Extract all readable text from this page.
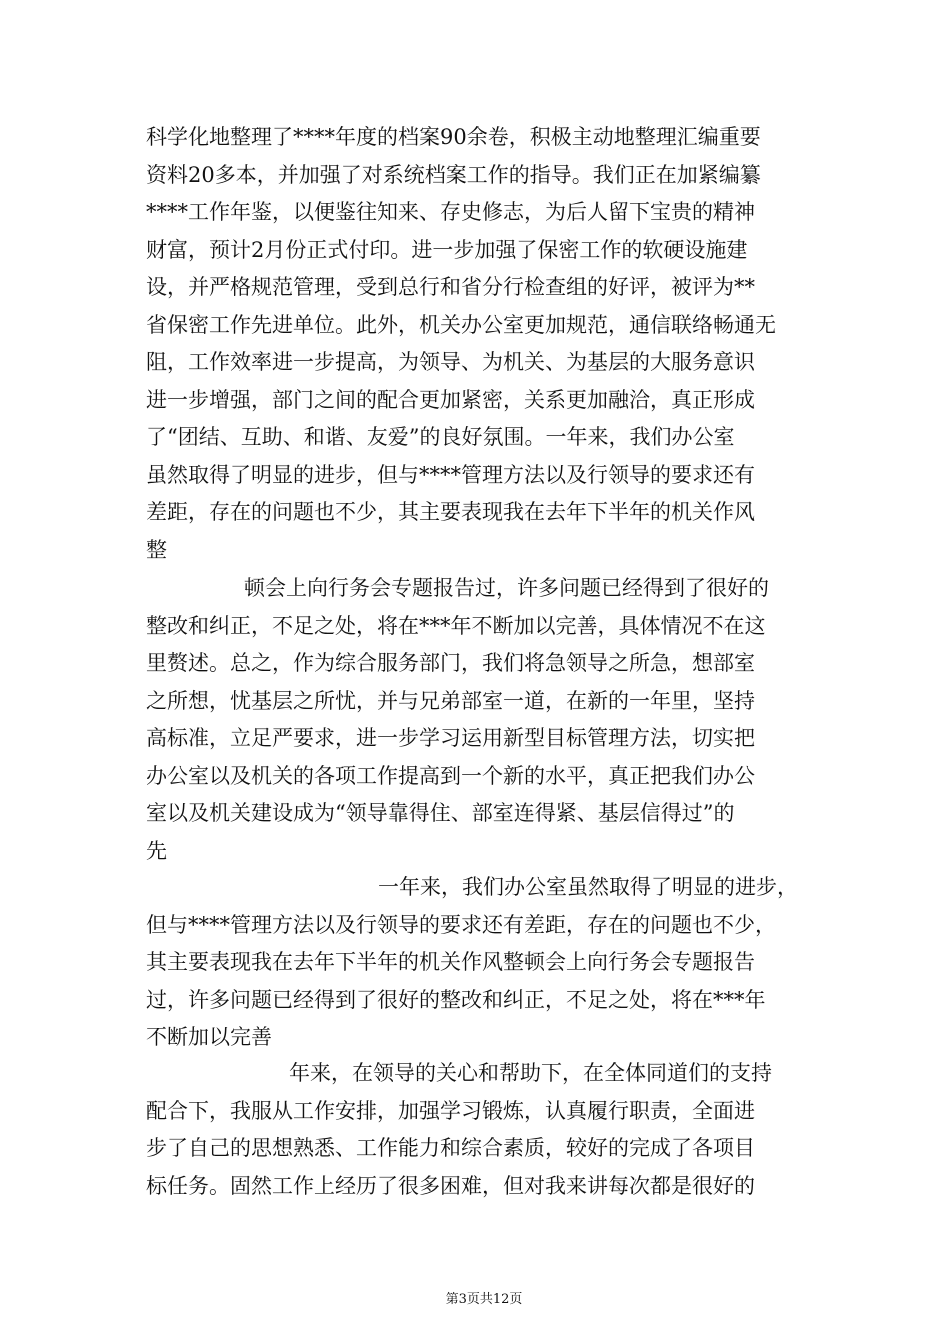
科学化地整理了****年度的档案90余卷，积极主动地整理汇编重要
资料20多本，并加强了对系统档案工作的指导。我们正在加紧编纂
****工作年鉴，以便鉴往知来、存史修志，为后人留下宝贵的精神
财富，预计2月份正式付印。进一步加强了保密工作的软硬设施建
设，并严格规范管理，受到总行和省分行检查组的好评，被评为**
省保密工作先进单位。此外，机关办公室更加规范，通信联络畅通无
阻，工作效率进一步提高，为领导、为机关、为基层的大服务意识
进一步增强，部门之间的配合更加紧密，关系更加融洽，真正形成
了“团结、互助、和谐、友爱”的良好氛围。一年来，我们办公室
虽然取得了明显的进步，但与****管理方法以及行领导的要求还有
差距，存在的问题也不少，其主要表现我在去年下半年的机关作风
整
顿会上向行务会专题报告过，许多问题已经得到了很好的
整改和纠正，不足之处，将在***年不断加以完善，具体情况不在这
里赘述。总之，作为综合服务部门，我们将急领导之所急，想部室
之所想，忧基层之所忧，并与兄弟部室一道，在新的一年里，坚持
高标准，立足严要求，进一步学习运用新型目标管理方法，切实把
办公室以及机关的各项工作提高到一个新的水平，真正把我们办公
室以及机关建设成为“领导靠得住、部室连得紧、基层信得过”的
先
一年来，我们办公室虽然取得了明显的进步，
但与****管理方法以及行领导的要求还有差距，存在的问题也不少，
其主要表现我在去年下半年的机关作风整顿会上向行务会专题报告
过，许多问题已经得到了很好的整改和纠正，不足之处，将在***年
不断加以完善
年来，在领导的关心和帮助下，在全体同道们的支持
配合下，我服从工作安排，加强学习锻炼，认真履行职责，全面进
步了自己的思想熟悉、工作能力和综合素质，较好的完成了各项目
标任务。固然工作上经历了很多困难，但对我来讲每次都是很好的
第3页共12页
